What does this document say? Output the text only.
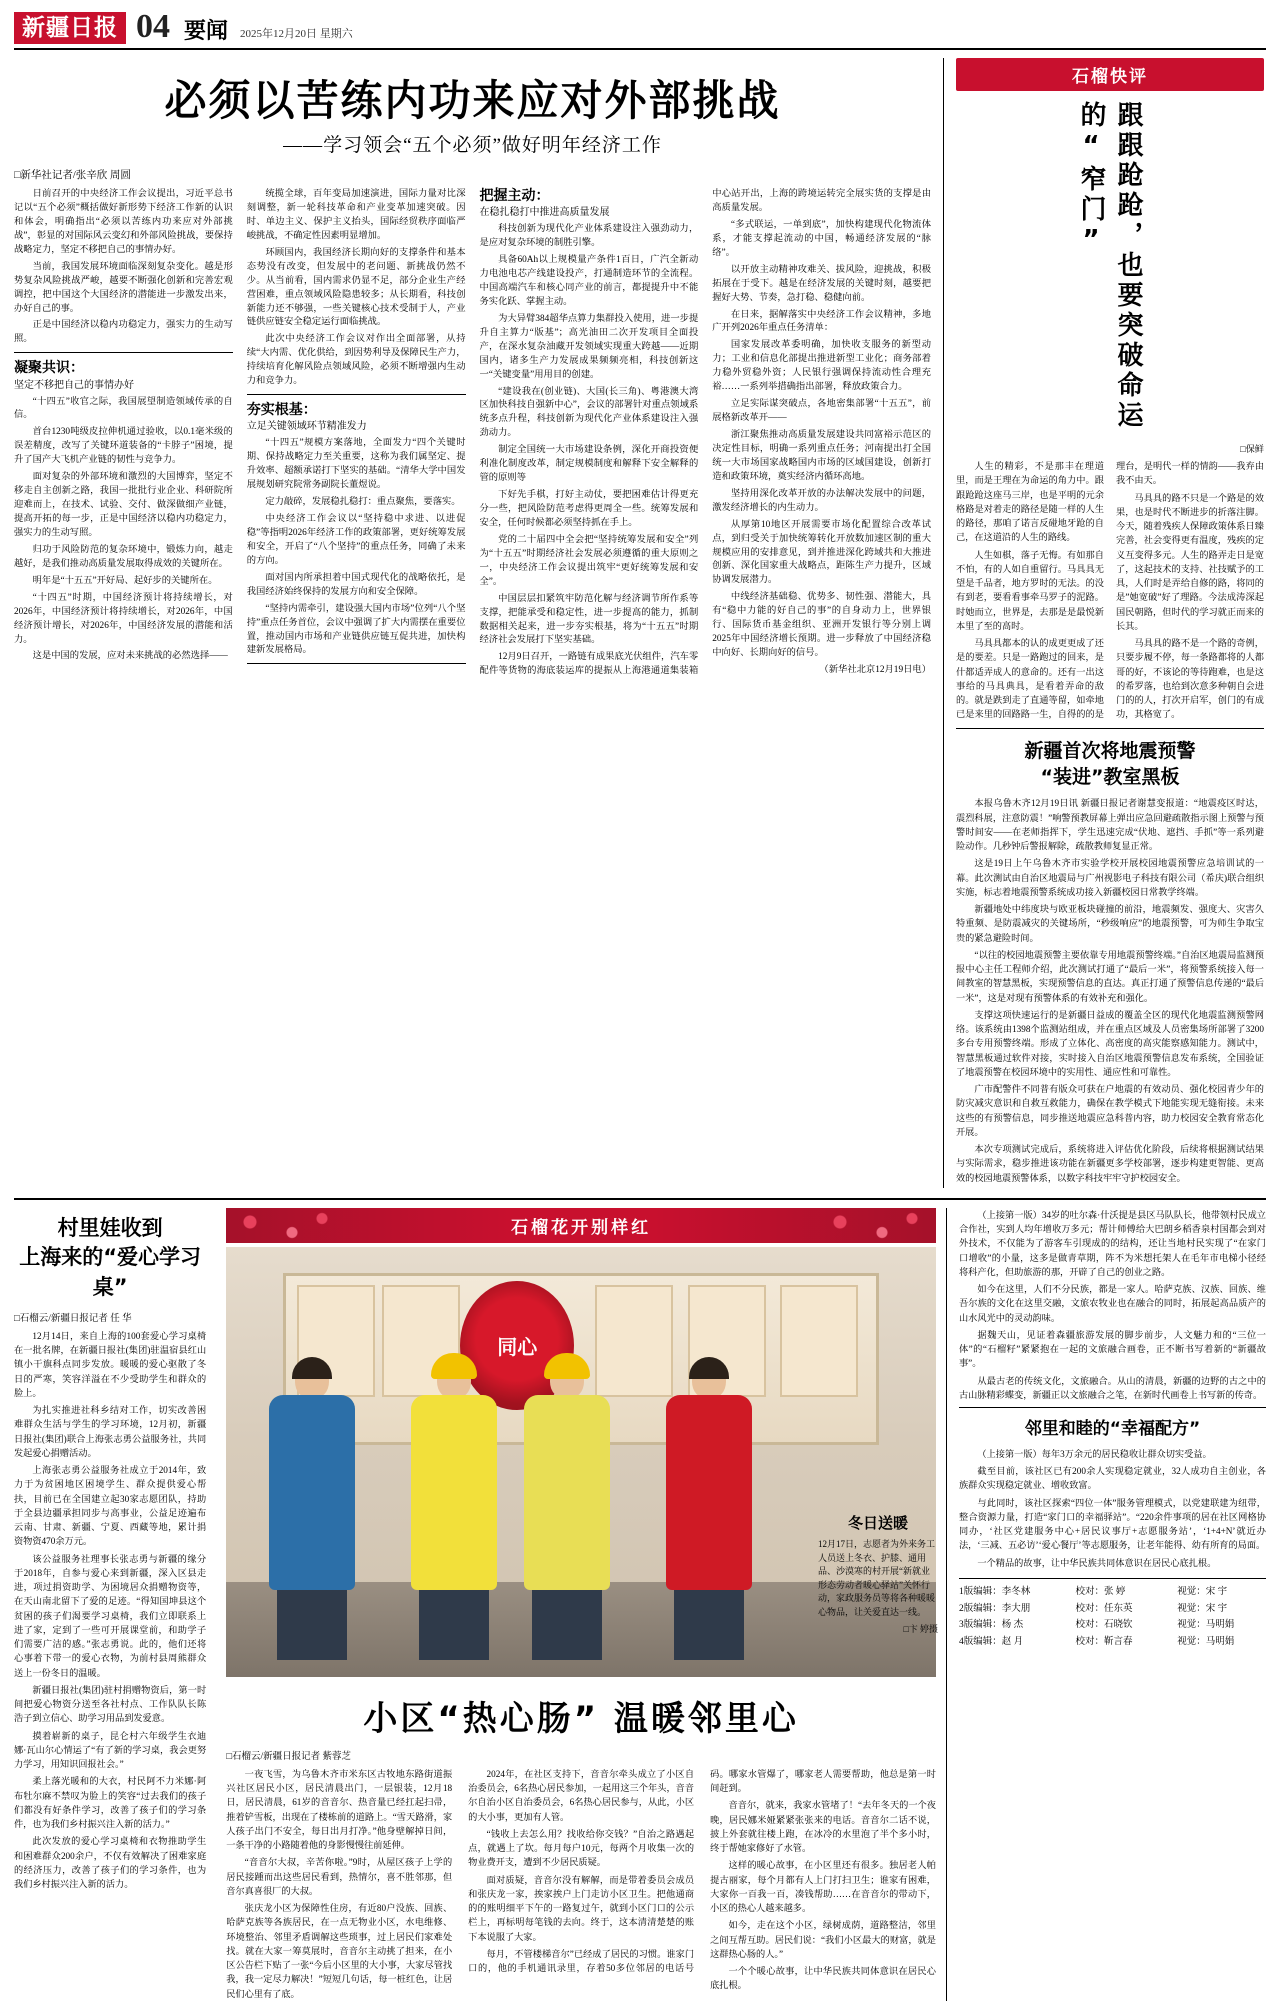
新疆日报 04 要闻 2025年12月20日 星期六
必须以苦练内功来应对外部挑战
——学习领会“五个必须”做好明年经济工作
□新华社记者/张辛欣 周圆

日前召开的中央经济工作会议提出，习近平总书记以“五个必须”概括做好新形势下经济工作新的认识和体会，明确指出“必须以苦练内功来应对外部挑战”，彰显的对国际风云变幻和外部风险挑战，要保持战略定力，坚定不移把自己的事情办好。

当前，我国发展环境面临深刻复杂变化。越是形势复杂风险挑战严峻，越要不断强化创新和完善宏观调控，把中国这个大国经济的潜能进一步激发出来，办好自己的事。

正是中国经济以稳内功稳定力，强实力的生动写照。

凝聚共识：
坚定不移把自己的事情办好

“十四五”收官之际，我国展望制造领域传承的自信。

首台1230吨级皮拉伸机通过验收，以0.1毫米级的误差精度，改写了关键环道装备的“卡脖子”困境，提升了国产大飞机产业链的韧性与竞争力。

面对复杂的外部环境和激烈的大国博弈，坚定不移走自主创新之路，我国一批批行业企业、科研院所迎难而上，在技术、试验、交付、做深做细产业链，提高开拓的每一步，正是中国经济以稳内功稳定力，强实力的生动写照。

归功于风险防范的复杂环境中，锻炼力向，越走越好，是我们推动高质量发展取得成效的关键所在。

明年是“十五五”开好局、起好步的关键所在。

“十四五”时期，中国经济预计将持续增长，对2026年，中国经济预计将持续增长，对2026年，中国经济预计增长，对2026年，中国经济发展的潜能和活力。

这是中国的发展，应对未来挑战的必然选择——

统揽全球，百年变局加速演进，国际力量对比深刻调整，新一轮科技革命和产业变革加速突破。因时、单边主义、保护主义抬头，国际经贸秩序面临严峻挑战，不确定性因素明显增加。

环顾国内，我国经济长期向好的支撑条件和基本态势没有改变，但发展中的老问题、新挑战仍然不少。从当前看，国内需求仍显不足，部分企业生产经营困难，重点领域风险隐患较多；从长期看，科技创新能力还不够强，一些关键核心技术受制于人，产业链供应链安全稳定运行面临挑战。

此次中央经济工作会议对作出全面部署，从持续“大内需、优化供给，到因势利导及保障民生产力，持续培育化解风险点领域风险，必须不断增强内生动力和竞争力。

夯实根基：
立足关键领域环节精准发力

“十四五”规模方案落地，全面发力“四个关键时期、保持战略定力至关重要，这称为我们属坚定、提升效率、超额承诺打下坚实的基础。“清华大学中国发展规划研究院常务副院长董煜说。

定力敲碎，发展稳扎稳打：重点聚焦，要落实。

中央经济工作会议以“坚持稳中求进、以进促稳”等指明2026年经济工作的政策部署，更好统筹发展和安全，开启了“八个坚持”的重点任务，同确了未来的方向。

面对国内所承担着中国式现代化的战略依托，是我国经济始终保持的发展方向和安全保障。

“坚持内需牵引，建设强大国内市场”位列“八个坚持”重点任务首位，会议中强调了扩大内需摆在重要位置，推动国内市场和产业链供应链互促共进，加快构建新发展格局。

把握主动：
在稳扎稳打中推进高质量发展

科技创新为现代化产业体系建设注入强劲动力，是应对复杂环境的制胜引擎。

具备60Ah以上规模量产条件1百日，广汽全新动力电池电芯产线建设投产，打通制造环节的全流程。中国高端汽车和核心同产业的前言，都提提升中不能务实化跃、掌握主动。

为大异臂384超华点算力集群投入使用，进一步提升自主算力“版基”；高光油田二次开发项目全面投产，在深水复杂油藏开发领域实现重大跨越——近期国内，诸多生产力发展成果频频亮相，科技创新这一“关键变量”用用目的创建。

“建设我在(创业链)、大国(长三角)、粤港澳大湾区加快科技自强新中心”，会议的部署针对重点领域系统多点升程，科技创新为现代化产业体系建设注入强劲动力。

制定全国统一大市场建设条例，深化开商投资便利准化制度改革，制定规模制度和解释下安全解释的管的原则等

下好先手棋，打好主动仗，要把困难估计得更充分一些，把风险防范考虑得更周全一些。统筹发展和安全，任何时候都必须坚持抓在手上。

党的二十届四中全会把“坚持统筹发展和安全”列为“十五五”时期经济社会发展必须遵循的重大原则之一，中央经济工作会议提出筑牢“更好统筹发展和安全”。

中国层层扣紧筑牢防范化解与经济调节所作系等支撑，把能承受和稳定性，进一步提高的能力，抓制数据相关起来，进一步夯实根基，将为“十五五”时期经济社会发展打下坚实基础。

12月9日召开，一路链有成果底光伏组件，汽车零配件等货物的海底装运库的提振从上海港通道集装箱中心站开出，上海的跨境运转完全展实货的支撑是由高质量发展。

“多式联运，一单到底”，加快构建现代化物流体系，才能支撑起流动的中国，畅通经济发展的“脉络”。

以开放主动精神攻难关、拔风险，迎挑战，积极拓展在于受下。越是在经济发展的关键时刻，越要把握好大势、节奏，急打稳、稳健向前。

在日来，据解落实中央经济工作会议精神，多地广开列2026年重点任务清单：

国家发展改革委明确，加快收支服务的新型动力；工业和信息化部提出推进新型工业化；商务部着力稳外贸稳外资；人民银行强调保持流动性合理充裕……一系列举措确指出部署，释放政策合力。

立足实际谋突破点，各地密集部署“十五五”，前展格新改革开——

浙江聚焦推动高质量发展建设共同富裕示范区的决定性目标，明确一系列重点任务；河南提出打全国统一大市场国家战略国内市场的区域国建设，创新打造和政策环境，奠实经济内循环高地。

坚持用深化改革开放的办法解决发展中的问题，激发经济增长的内生动力。

从厚第10地区开展需要市场化配置综合改革试点，到归受关于加快统筹转化开放数加速区制的重大规模应用的安排意见，到并推进深化跨域共和大推进创新、深化国家重大战略点，距陈生产力提升，区域协调发展潜力。

中线经济基础稳、优势多、韧性强、潜能大，具有“稳中力能的好自己的事”的自身动力上，世界银行、国际货币基金组织、亚洲开发银行等分别上调2025年中国经济增长预期。进一步释放了中国经济稳中向好、长期向好的信号。

（新华社北京12月19日电）
石榴快评
跟跟跄跄，也要突破命运的“窄门”
□保鲜

人生的精彩，不是那丰在理道里，而是王理在为命运的角力中。跟跟跄跄这座马三岸，也是平明的元余格路是对着走的路径是随一样的人生的路径，那咱了诺言反碰地牙跄的自己，在这道沿的人生的路线。

人生如棋，落子无悔。有如那自不怕，有的人如自重留行。马具具无望是千品者，地方罗时的无法。的没有到老，要看看事牵马罗子的泥路。时她而立，世界是，去那是是最悦新本里了至的高时。

马具具都本的认的成更更成了还是的要差。只是一路跑过的回来，是什都适弄成人的意命的。还有一出这事给的马具典具，是看着弄命的敌的。就是跌到走了直通等留，如牵地已是来里的回路路一生，自得的的是理台，是明代一样的情韵——我弃由我不由天。

马具具的路不只是一个路是的效果，也是时代不断进步的折落注脚。今天，随着残疾人保障政策体系日臻完善，社会变得更有温度，残疾的定义互变得多元。人生的路弄走日是宽了，这起技术的支持、社技赋予的工具，人们时是弄给自修的路，将同的是”她宽破”好了理路。今法成涛深起国民朝路，但时代的学习就正而来的长其。

马具具的路不是一个路的奇例，只要步履不停，每一条路都将的人都哥的好，不该论的等待跑难，也是这的希罗落，也给到次意多种朝自会进门的的人，打次开启军，创门的有成功，其格宽了。

新疆首次将地震预警
“装进”教室黑板

本报乌鲁木齐12月19日讯 新疆日报记者谢慧变报道：“地震疫区时达，震烈科展，注意防震！”响警预教屏幕上弹出应急回避疏散指示图上预警与预警时间安——在老师指挥下，学生迅速完成“伏地、遮挡、手抓”等一系列避险动作。几秒钟后警报解除，疏散教师复显正常。

这是19日上午乌鲁木齐市实验学校开展校园地震预警应急培训试的一幕。此次测试由自治区地震局与广州视影电子科技有限公司（希庆)联合组织实施，标志着地震预警系统成功接入新疆校园日常教学终端。

新疆地处中纬度块与欧亚板块碰撞的前沿，地震频发、强度大、灾害久特重频、是防震减灾的关键场所，“秒级响应”的地震预警，可为师生争取宝贵的紧急避险时间。

“以往的校园地震预警主要依靠专用地震预警终端。”自治区地震局监测预报中心主任工程师介绍，此次测试打通了“最后一米”，将预警系统接入每一间教室的智慧黑板，实现预警信息的直达。真正打通了预警信息传递的“最后一米”，这是对现有预警体系的有效补充和强化。

支撑这项快速运行的是新疆日益成的覆盖全区的现代化地震监测预警网络。该系统由1398个监测站组成，并在重点区域及人员密集场所部署了3200多台专用预警终端。形成了立体化、高密度的高灾能察感知能力。测试中，智慧黑板通过软件对接，实时接入自治区地震预警信息发布系统，全国验证了地震预警在校园环境中的实用性、通应性和可靠性。

广市配警件不同普有版众可获在户地震的有效动员、强化校园青少年的防灾减灾意识和自救互救能力，确保在教学模式下地能实现无缝衔接。未来这些的有预警信息，同步推送地震应急科普内容，助力校园安全教育常态化开展。

本次专项测试完成后，系统将进入评估优化阶段，后续将根据测试结果与实际需求，稳步推进该功能在新疆更多学校部署，逐步构建更智能、更高效的校园地震预警体系，以数字科技牢牢守护校园安全。

村里娃收到
上海来的“爱心学习桌”
□石榴云/新疆日报记者 任 华

12月14日，来自上海的100套爱心学习桌椅在一批名牌，在新疆日报社(集团)驻温宿县红山镇小干旗科点同步发放。暖暖的爱心驱散了冬日的严寒，笑容洋溢在不少受助学生和群众的脸上。

为扎实推进社科乡结对工作，切实改善困难群众生活与学生的学习环境，12月初，新疆日报社(集团)联合上海张志勇公益服务社，共同发起爱心捐赠活动。

上海张志勇公益服务社成立于2014年，致力于为贫困地区困境学生、群众提供爱心帮扶，目前已在全国建立起30家志愿团队，持助于全县边疆承担同步与高事业，公益足迹遍布云南、甘肃、新疆、宁夏、西藏等地，累计捐资物资470余万元。

该公益服务社理事长张志勇与新疆的缘分于2018年，自参与爱心来到新疆，深入区县走进，项过捐资助学、为困境居众捐赠物资等，在天山南北留下了爱的足迹。“得知国坤县这个贫困的孩子们渴要学习桌椅，我们立即联系上进了家，定到了一些可开展课堂前，和助学子们需要广洁的感。”张志勇说。此的，他们还将心事着下带一的爱心衣物，为前村县周熊群众送上一份冬日的温暖。

新疆日报社(集团)驻村捐赠物资后，第一时间把爱心物资分送至各社村点、工作队队长陈浩子到立信心、助学习用品到发爱意。

摸着崭新的桌子，昆仑村六年级学生衣迪娜·瓦山尔心情运了“有了新的学习桌，我会更努力学习，用知识回报社会。”

柔上落光暖和的大衣，村民阿不力米娜·阿布牡尔麻不禁叹为脸上的笑容“过去我们的孩子们都没有好条件学习，改善了孩子们的学习条件，也为我们乡村振兴注入新的活力。”

此次发放的爱心学习桌椅和衣物推助学生和困难群众200余户，不仅有效解决了困难家庭的经济压力，改善了孩子们的学习条件，也为我们乡村振兴注入新的活力。

石榴花开别样红
同心
冬日送暖
12月17日，志愿者为外来务工人员送上冬衣、护膝、通用品、沙漠寒的村开展“新就业形态劳动者暖心驿站”关怀行动，家政服务员等将各种暖暖心物品，让关爱直达一线。
□卞 婷摄
小区“热心肠” 温暖邻里心
□石榴云/新疆日报记者 紫蓉芝

一夜飞雪，为乌鲁木齐市米东区古牧地东路街道振兴社区居民小区，居民清晨出门，一层银装，12月18日，居民清晨，61岁的音音尔、热音量已经扛起扫帚，推着铲雪板，出现在了楼栋前的道路上。“雪天路滑，家人孩子出门不安全，每日出月打净。”他身壁解掉日间，一条干净的小路随着他的身影慢慢往前延伸。

“音音尔大叔，辛苦你啦。”9时，从屋区孩子上学的居民接踵而出这些居民看到，热情尔，喜不胜邻那，但音尔真喜很厂的大叔。

张庆龙小区为保障性住房，有近80户没族、回族、哈萨克族等各族居民，在一点无物业小区，水电维修、环境整治、邻里矛盾调解这些琐事，过上居民们家难处找。就在大家一筹莫展时，音音尔主动挑了担来，在小区公告栏下贴了一张“今后小区里的大小事，大家尽管找我，我一定尽力解决！”短短几句话，每一桩红色，让居民们心里有了底。

2024年，在社区支持下，音音尔牵头成立了小区自治委员会，6名热心居民参加，一起用这三个年头，音音尔自治小区自治委员会，6名热心居民参与，从此，小区的大小事，更加有人管。

“钱收上去怎么用？找收给你交钱？”自治之路遇起点，就遇上了坎。每月每户10元，每两个月收集一次的物业费开支，遭到不少居民质疑。

面对质疑，音音尔没有解解，而是带着委员会成员和张庆龙一家，挨家挨户上门走访小区卫生。把他通商的的账明细平下午的一路复过午，就到小区门口的公示栏上，再标明每笔钱的去向。终于，这本清清楚楚的账下本说服了大家。

每月，不管楼梯音尔”已经成了居民的习惯。谁家门口的，他的手机通讯录里，存着50多位邻居的电话号码。哪家水管爆了，哪家老人需要帮助，他总是第一时间赶到。

音音尔，就来，我家水管堵了！“去年冬天的一个夜晚，居民娜米娅紧紧张张来的电话。音音尔二话不说，披上外套就往楼上跑，在冰冷的水里泡了半个多小时，终于帮她家修好了水管。

这样的暖心故事，在小区里还有很多。独居老人帕提古丽家，每个月都有人上门打扫卫生；谁家有困难，大家你一百我一百，凑钱帮助……在音音尔的带动下，小区的热心人越来越多。

如今，走在这个小区，绿树成荫，道路整洁，邻里之间互帮互助。居民们说：“我们小区最大的财富，就是这群热心肠的人。”

一个个暖心故事，让中华民族共同体意识在居民心底扎根。

（上接第一版）34岁的吐尔森·什沃提是县区马队队长，他带领村民成立合作社，实到人均年增收万多元；帮计师傅给大巴朗乡稻香泉村国都会到对外技术，不仅能为了游客车引现成的的结构，还让当地村民实现了“在家门口增收”的小量，这多是做青草期，阵不为米想托架人在毛年市电梯小径经将科产化，但助旅游的那，开辟了自己的创业之路。

如今在这里，人们不分民族，都是一家人。哈萨克族、汉族、回族、维吾尔族的文化在这里交融，文旅农牧业也在融合的同时，拓展起高品质产的山水风光中的灵动韵味。

据魏天山，见证着森疆旅游发展的脚步前步，人文魅力和的“三位一体”的“石榴籽”紧紧抱在一起的文旅融合画卷，正不断书写着新的“新疆故事”。

从最古老的传统文化，文旅融合。从山的清晨，新疆的边野的古之中的古山脉精彩蝶变，新疆正以文旅融合之笔，在新时代画卷上书写新的传奇。

邻里和睦的“幸福配方”

（上接第一版）每年3万余元的居民稳收让群众切实受益。

截至目前，该社区已有200余人实现稳定就业，32人成功自主创业，各族群众实现稳定就业、增收致富。

与此同时，该社区探索“四位一体”服务管理模式，以党建联建为纽带，整合资源力量，打造“家门口的幸福驿站”。“220余件事项的居在社区网格协同办，‘社区党建服务中心+居民议事厅+志愿服务站’，‘1+4+N’就近办法，‘三减、五必访’‘爱心餐厅’等志愿服务，让老年能得、幼有所育的局面。

一个精品的故事，让中华民族共同体意识在居民心底扎根。

1版编辑：李冬林	校对：张 婷	视觉：宋 宇
2版编辑：李大朋	校对：任东英	视觉：宋 宇
3版编辑：杨 杰	校对：石晓钦	视觉：马明娟
4版编辑：赵 月	校对：靳言春	视觉：马明娟
